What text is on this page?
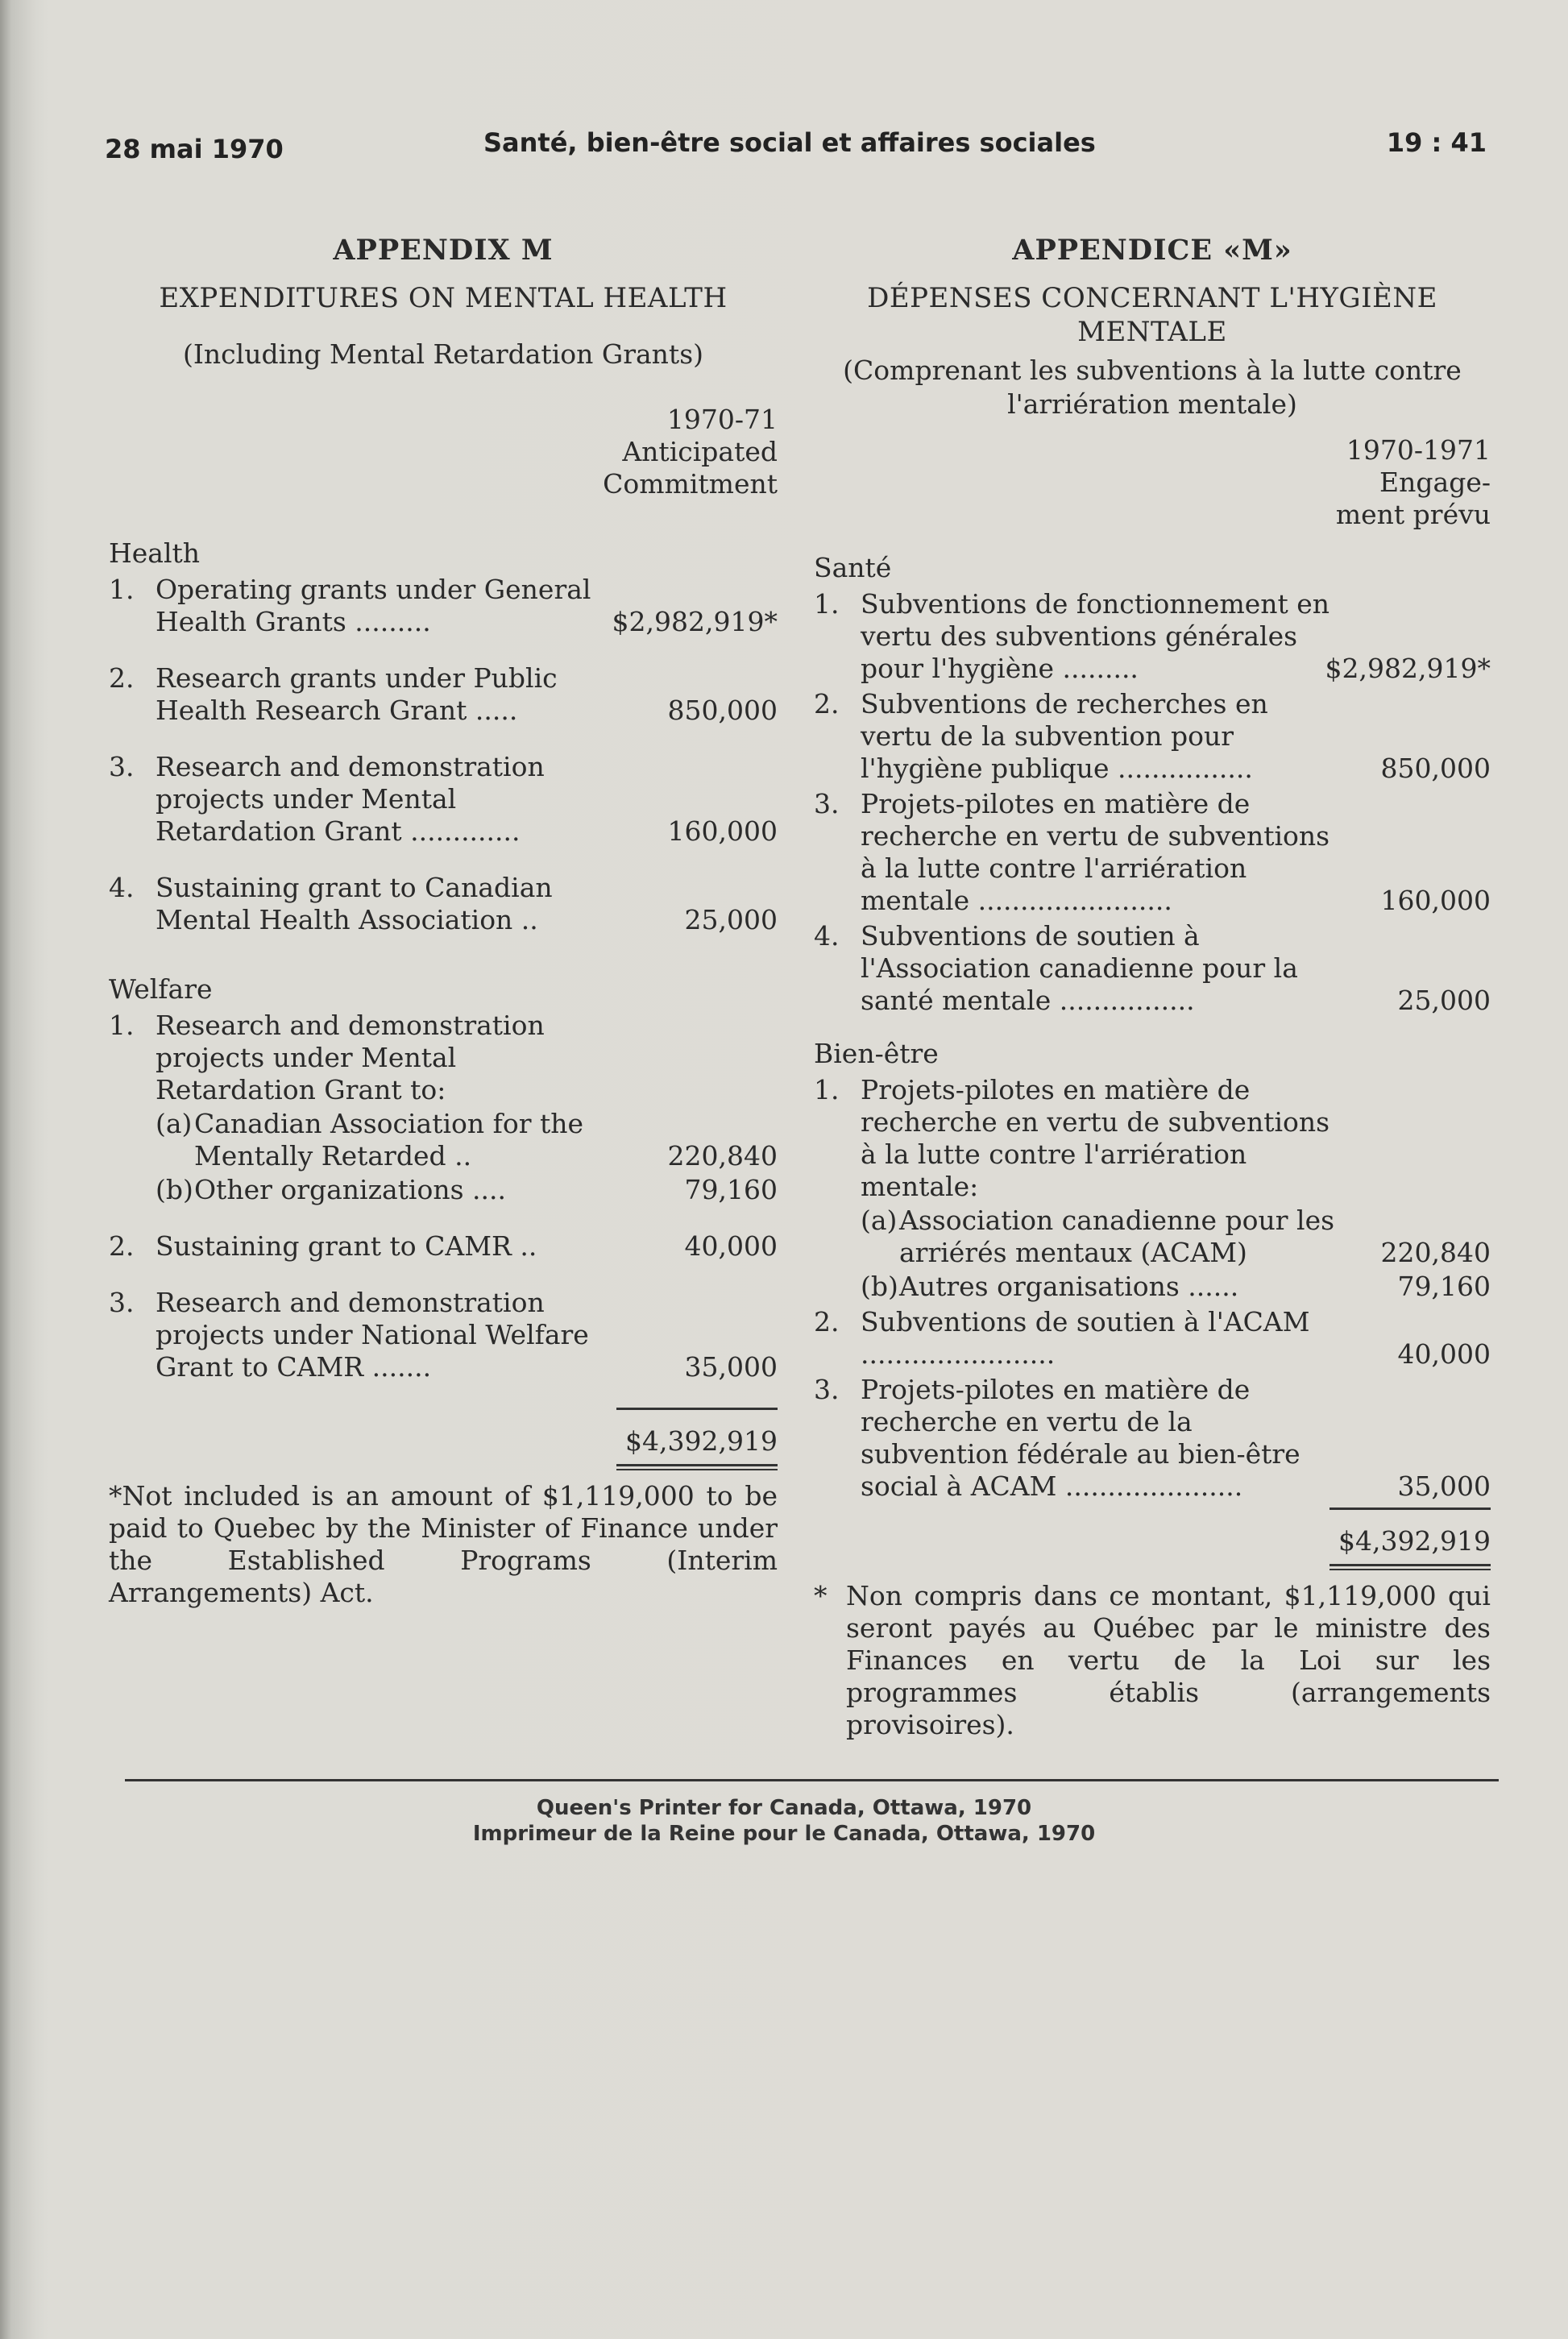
28 mai 1970	Santé, bien-être social et affaires sociales	19 : 41
APPENDIX M
EXPENDITURES ON MENTAL HEALTH
(Including Mental Retardation Grants)
1970-71
Anticipated
Commitment
Health
1. Operating grants under General Health Grants .........	$2,982,919*
2. Research grants under Public Health Research Grant .....	850,000
3. Research and demonstration projects under Mental Retardation Grant .............	160,000
4. Sustaining grant to Canadian Mental Health Association ..	25,000
Welfare
1. Research and demonstration projects under Mental Retardation Grant to:
(a) Canadian Association for the Mentally Retarded ..	220,840
(b) Other organizations ....	79,160
2. Sustaining grant to CAMR ..	40,000
3. Research and demonstration projects under National Welfare Grant to CAMR .......	35,000
$4,392,919
*Not included is an amount of $1,119,000 to be paid to Quebec by the Minister of Finance under the Established Programs (Interim Arrangements) Act.
APPENDICE «M»
DÉPENSES CONCERNANT L'HYGIÈNE MENTALE
(Comprenant les subventions à la lutte contre l'arriération mentale)
1970-1971
Engage-
ment prévu
Santé
1. Subventions de fonctionnement en vertu des subventions générales pour l'hygiène .........	$2,982,919*
2. Subventions de recherches en vertu de la subvention pour l'hygiène publique ................	850,000
3. Projets-pilotes en matière de recherche en vertu de subventions à la lutte contre l'arriération mentale .......................	160,000
4. Subventions de soutien à l'Association canadienne pour la santé mentale ................	25,000
Bien-être
1. Projets-pilotes en matière de recherche en vertu de subventions à la lutte contre l'arriération mentale:
(a) Association canadienne pour les arriérés mentaux (ACAM)	220,840
(b) Autres organisations ......	79,160
2. Subventions de soutien à l'ACAM .......................	40,000
3. Projets-pilotes en matière de recherche en vertu de la subvention fédérale au bien-être social à ACAM .....................	35,000
$4,392,919
* Non compris dans ce montant, $1,119,000 qui seront payés au Québec par le ministre des Finances en vertu de la Loi sur les programmes établis (arrangements provisoires).
Queen's Printer for Canada, Ottawa, 1970
Imprimeur de la Reine pour le Canada, Ottawa, 1970
